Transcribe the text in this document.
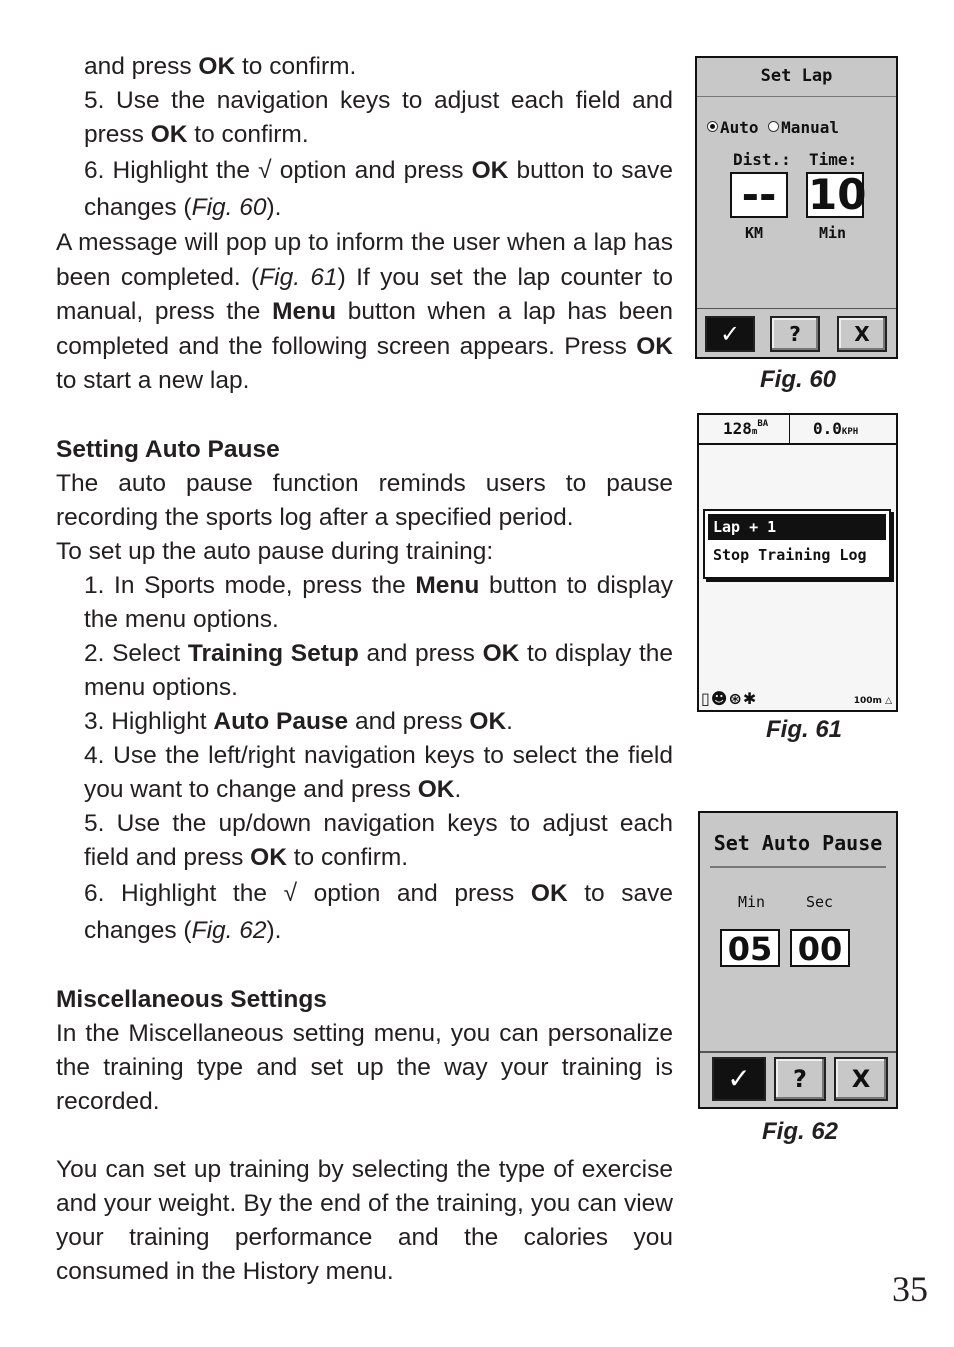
and press OK to confirm.

5. Use the navigation keys to adjust each field and press OK to confirm.

6. Highlight the √ option and press OK button to save changes (Fig. 60).

A message will pop up to inform the user when a lap has been completed. (Fig. 61) If you set the lap counter to manual, press the Menu button when a lap has been completed and the following screen appears. Press OK to start a new lap.

Setting Auto Pause

The auto pause function reminds users to pause recording the sports log after a specified period.

To set up the auto pause during training:

1. In Sports mode, press the Menu button to display the menu options.

2. Select Training Setup and press OK to display the menu options.

3. Highlight Auto Pause and press OK.

4. Use the left/right navigation keys to select the field you want to change and press OK.

5. Use the up/down navigation keys to adjust each field and press OK to confirm.

6. Highlight the √ option and press OK to save changes (Fig. 62).

Miscellaneous Settings

In the Miscellaneous setting menu, you can personalize the training type and set up the way your training is recorded.

You can set up training by selecting the type of exercise and your weight. By the end of the training, you can view your training performance and the calories you consumed in the History menu.

Set Lap
Auto Manual
Dist.: Time:
-- 10
KM	Min
✓	?	X
Fig. 60
$128m^{BA}$	0.0KPH
Lap + 1
Stop Training Log
▯☻⊛✱	100m △
Fig. 61
Set Auto Pause
Min	Sec
05 00
✓	?	X
Fig. 62
35
